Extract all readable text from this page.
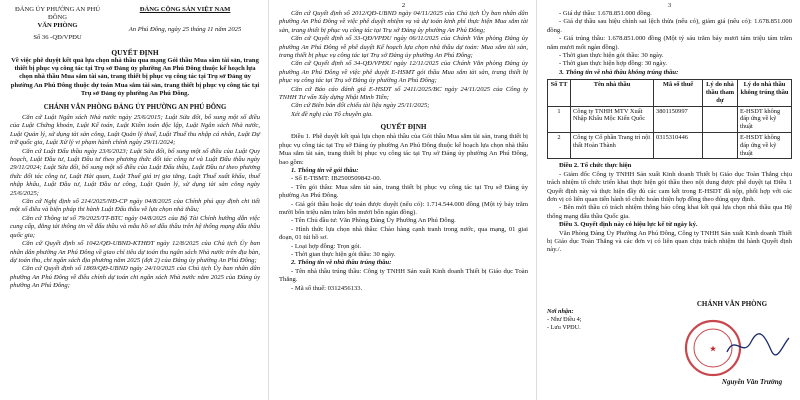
ĐẢNG ỦY PHƯỜNG AN PHÚ ĐÔNG
VĂN PHÒNG
Số 36 -QĐ/VPĐU
ĐẢNG CỘNG SẢN VIỆT NAM
An Phú Đông, ngày 25 tháng 11 năm 2025
QUYẾT ĐỊNH
Về việc phê duyệt kết quả lựa chọn nhà thầu qua mạng Gói thầu Mua sắm tài sản, trang thiết bị phục vụ công tác tại Trụ sở Đảng ủy phường An Phú Đông thuộc kế hoạch lựa chọn nhà thầu Mua sắm tài sản, trang thiết bị phục vụ công tác tại Trụ sở Đảng ủy phường An Phú Đông thuộc dự toán Mua sắm tài sản, trang thiết bị phục vụ công tác tại Trụ sở Đảng ủy phường An Phú Đông.
CHÁNH VĂN PHÒNG ĐẢNG ỦY PHƯỜNG AN PHÚ ĐÔNG

Căn cứ Luật Ngân sách Nhà nước ngày 25/6/2015; Luật Sửa đổi, bổ sung một số điều của Luật Chứng khoán, Luật Kế toán, Luật Kiểm toán độc lập, Luật Ngân sách Nhà nước, Luật Quản lý, sử dụng tài sản công, Luật Quản lý thuế, Luật Thuế thu nhập cá nhân, Luật Dự trữ quốc gia, Luật Xử lý vi phạm hành chính ngày 29/11/2024;

Căn cứ Luật Đấu thầu ngày 23/6/2023; Luật Sửa đổi, bổ sung một số điều của Luật Quy hoạch, Luật Đầu tư, Luật Đầu tư theo phương thức đối tác công tư và Luật Đấu thầu ngày 29/11/2024; Luật Sửa đổi, bổ sung một số điều của Luật Đấu thầu, Luật Đầu tư theo phương thức đối tác công tư, Luật Hải quan, Luật Thuế giá trị gia tăng, Luật Thuế xuất khẩu, thuế nhập khẩu, Luật Đầu tư, Luật Đầu tư công, Luật Quản lý, sử dụng tài sản công ngày 25/6/2025;

Căn cứ Nghị định số 214/2025/NĐ-CP ngày 04/8/2025 của Chính phủ quy định chi tiết một số điều và biện pháp thi hành Luật Đấu thầu về lựa chọn nhà thầu;

Căn cứ Thông tư số 79/2025/TT-BTC ngày 04/8/2025 của Bộ Tài Chính hướng dẫn việc cung cấp, đăng tải thông tin về đấu thầu và mẫu hồ sơ đấu thầu trên hệ thống mạng đấu thầu quốc gia;

Căn cứ Quyết định số 1042/QĐ-UBND-KTHĐT ngày 12/8/2025 của Chủ tịch Ủy ban nhân dân phường An Phú Đông về giao chỉ tiêu dự toán thu ngân sách Nhà nước trên địa bàn, dự toán thu, chi ngân sách địa phương năm 2025 (đợt 2) của Đảng ủy phường An Phú Đông;

Căn cứ Quyết định số 1869/QĐ-UBND ngày 24/10/2025 của Chủ tịch Ủy ban nhân dân phường An Phú Đông về điều chỉnh dự toán chi ngân sách Nhà nước năm 2025 của Đảng ủy phường An Phú Đông;

2

Căn cứ Quyết định số 2012/QĐ-UBND ngày 04/11/2025 của Chủ tịch Ủy ban nhân dân phường An Phú Đông về việc phê duyệt nhiệm vụ và dự toán kinh phí thực hiện Mua sắm tài sản, trang thiết bị phục vụ công tác tại Trụ sở Đảng ủy phường An Phú Đông;

Căn cứ Quyết định số 33-QĐ/VPĐU ngày 06/11/2025 của Chánh Văn phòng Đảng ủy phường An Phú Đông về phê duyệt Kế hoạch lựa chọn nhà thầu dự toán: Mua sắm tài sản, trang thiết bị phục vụ công tác tại Trụ sở Đảng ủy phường An Phú Đông;

Căn cứ Quyết định số 34-QĐ/VPĐU ngày 12/11/2025 của Chánh Văn phòng Đảng ủy phường An Phú Đông về việc phê duyệt E-HSMT gói thầu Mua sắm tài sản, trang thiết bị phục vụ công tác tại Trụ sở Đảng ủy phường An Phú Đông;

Căn cứ Báo cáo đánh giá E-HSDT số 2411/2025/BC ngày 24/11/2025 của Công ty TNHH Tư vấn Xây dựng Nhật Minh Tiến;

Căn cứ Biên bản đối chiếu tài liệu ngày 25/11/2025;

Xét đề nghị của Tổ chuyên gia.

QUYẾT ĐỊNH

Điều 1. Phê duyệt kết quả lựa chọn nhà thầu của Gói thầu Mua sắm tài sản, trang thiết bị phục vụ công tác tại Trụ sở Đảng ủy phường An Phú Đông thuộc kế hoạch lựa chọn nhà thầu Mua sắm tài sản, trang thiết bị phục vụ công tác tại Trụ sở Đảng ủy phường An Phú Đông, bao gồm:

1. Thông tin về gói thầu:

- Số E-TBMT: IB2500509842-00.

- Tên gói thầu: Mua sắm tài sản, trang thiết bị phục vụ công tác tại Trụ sở Đảng ủy phường An Phú Đông.

- Giá gói thầu hoặc dự toán được duyệt (nếu có): 1.714.544.000 đồng (Một tỷ bảy trăm mười bốn triệu năm trăm bốn mươi bốn ngàn đồng).

- Tên Chủ đầu tư: Văn Phòng Đảng Ủy Phường An Phú Đông.

- Hình thức lựa chọn nhà thầu: Chào hàng cạnh tranh trong nước, qua mạng, 01 giai đoạn, 01 túi hồ sơ.

- Loại hợp đồng: Trọn gói.

- Thời gian thực hiện gói thầu: 30 ngày.

2. Thông tin về nhà thầu trúng thầu:

- Tên nhà thầu trúng thầu: Công ty TNHH Sản xuất Kinh doanh Thiết bị Giáo dục Toàn Thắng.

- Mã số thuế: 0312456133.

3

- Giá dự thầu: 1.678.851.000 đồng.

- Giá dự thầu sau hiệu chỉnh sai lệch thừa (nếu có), giảm giá (nếu có): 1.678.851.000 đồng.

- Giá trúng thầu: 1.678.851.000 đồng (Một tỷ sáu trăm bảy mươi tám triệu tám trăm năm mươi mốt ngàn đồng).

- Thời gian thực hiện gói thầu: 30 ngày.

- Thời gian thực hiện hợp đồng: 30 ngày.

3. Thông tin về nhà thầu không trúng thầu:

Số TT	Tên nhà thầu	Mã số thuế	Lý do nhà thầu tham dự	Lý do nhà thầu không trúng thầu
1	Công ty TNHH MTV Xuất Nhập Khẩu Mộc Kiến Quốc	3801150997		E-HSDT không đáp ứng về kỹ thuật
2	Công ty Cổ phần Trang trí nội thất Hoàn Thành	0315310446		E-HSDT không đáp ứng về kỹ thuật

Điều 2. Tổ chức thực hiện

- Giám đốc Công ty TNHH Sản xuất Kinh doanh Thiết bị Giáo dục Toàn Thắng chịu trách nhiệm tổ chức triển khai thực hiện gói thầu theo nội dung được phê duyệt tại Điều 1 Quyết định này và thực hiện đầy đủ các cam kết trong E-HSDT đã nộp, phối hợp với các đơn vị có liên quan tiến hành tổ chức hoàn thiện hợp đồng theo đúng quy định.

- Bên mời thầu có trách nhiệm thông báo công khai kết quả lựa chọn nhà thầu qua Hệ thống mạng đấu thầu Quốc gia.

Điều 3. Quyết định này có hiệu lực kể từ ngày ký.

Văn Phòng Đảng Ủy Phường An Phú Đông, Công ty TNHH Sản xuất Kinh doanh Thiết bị Giáo dục Toàn Thắng và các đơn vị có liên quan chịu trách nhiệm thi hành Quyết định này./.

Nơi nhận:
- Như Điều 4;
- Lưu VPĐU.
CHÁNH VĂN PHÒNG
★
Nguyễn Văn Trường
